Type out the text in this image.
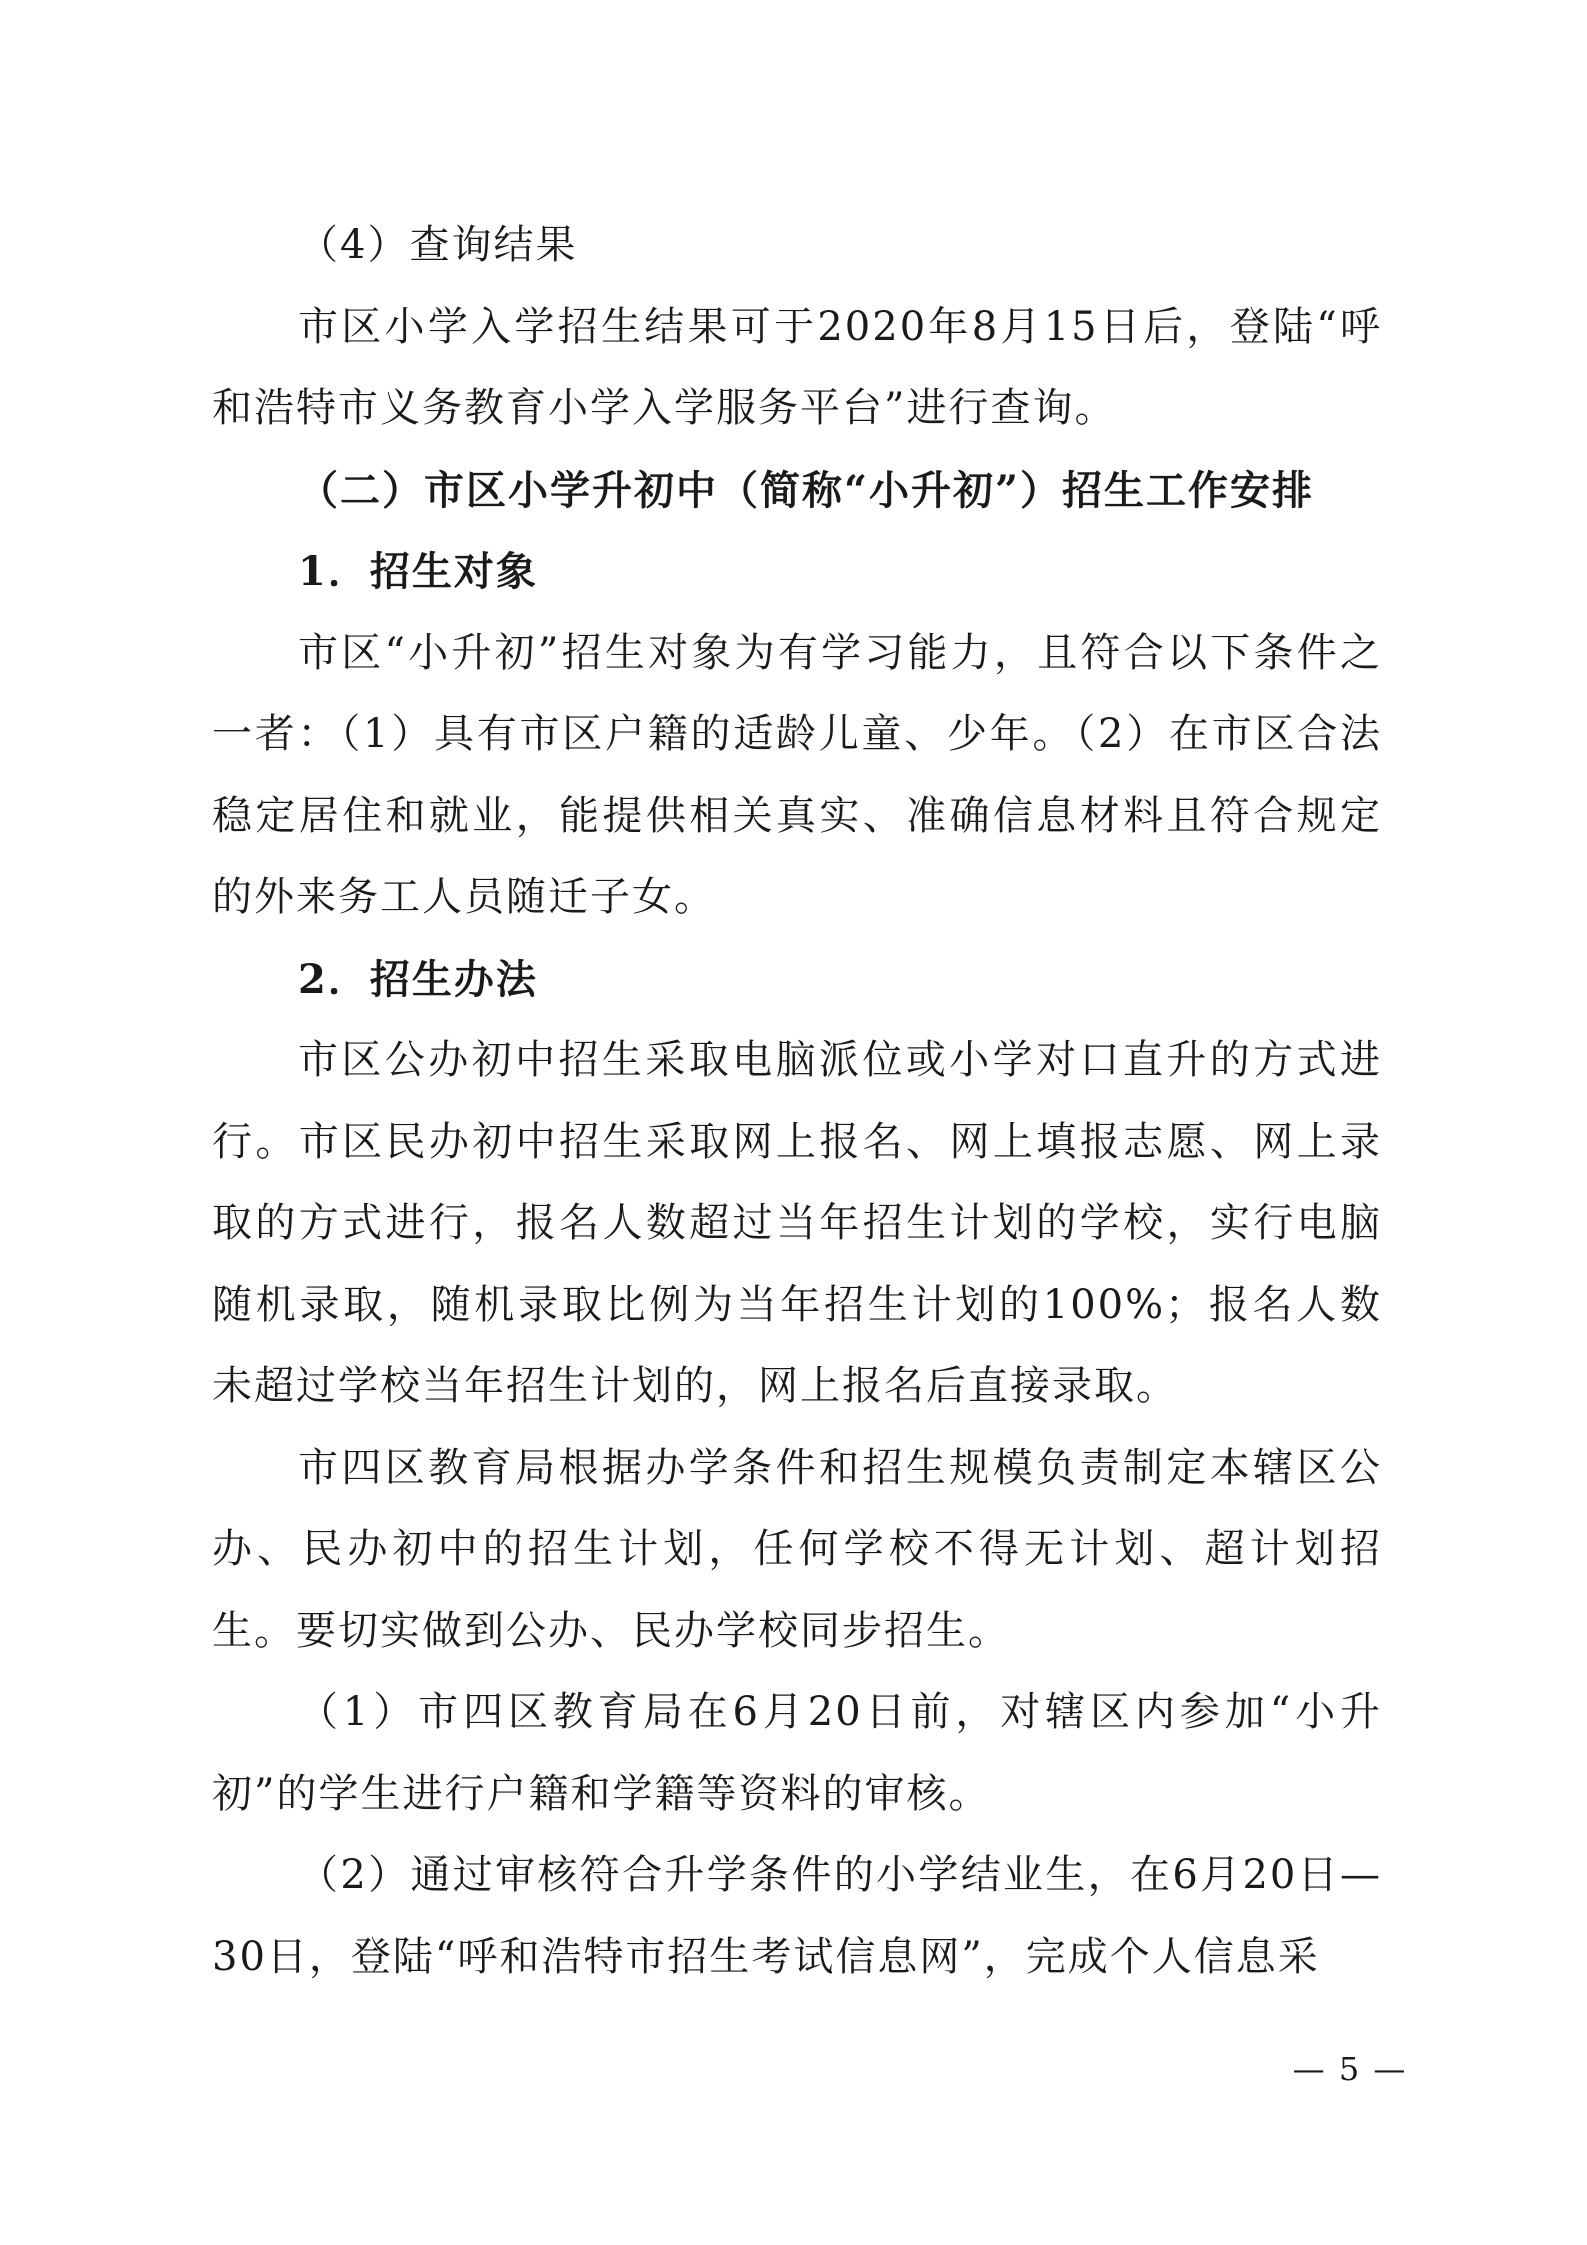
（4）查询结果

市区小学入学招生结果可于2020年8月15日后，登陆“呼和浩特市义务教育小学入学服务平台”进行查询。

（二）市区小学升初中（简称“小升初”）招生工作安排

1．招生对象

市区“小升初”招生对象为有学习能力，且符合以下条件之一者：（1）具有市区户籍的适龄儿童、少年。（2）在市区合法稳定居住和就业，能提供相关真实、准确信息材料且符合规定的外来务工人员随迁子女。

2．招生办法

市区公办初中招生采取电脑派位或小学对口直升的方式进行。市区民办初中招生采取网上报名、网上填报志愿、网上录取的方式进行，报名人数超过当年招生计划的学校，实行电脑随机录取，随机录取比例为当年招生计划的100%；报名人数未超过学校当年招生计划的，网上报名后直接录取。

市四区教育局根据办学条件和招生规模负责制定本辖区公办、民办初中的招生计划，任何学校不得无计划、超计划招生。要切实做到公办、民办学校同步招生。

（1）市四区教育局在6月20日前，对辖区内参加“小升初”的学生进行户籍和学籍等资料的审核。

（2）通过审核符合升学条件的小学结业生，在6月20日—30日，登陆“呼和浩特市招生考试信息网”，完成个人信息采

— 5 —
